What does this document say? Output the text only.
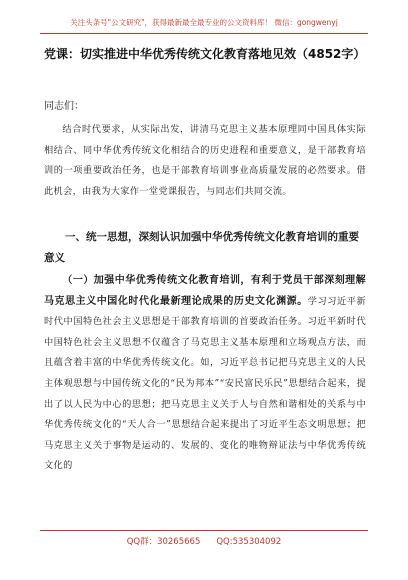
关注头条号"公文研究"，获得最新最全最专业的公文资料库！ 微信：gongwenyj
党课：切实推进中华优秀传统文化教育落地见效（4852字）
同志们：

结合时代要求，从实际出发，讲清马克思主义基本原理同中国具体实际相结合、同中华优秀传统文化相结合的历史进程和重要意义，是干部教育培训的一项重要政治任务，也是干部教育培训事业高质量发展的必然要求。借此机会，由我为大家作一堂党课报告，与同志们共同交流。

一、统一思想，深刻认识加强中华优秀传统文化教育培训的重要意义

（一）加强中华优秀传统文化教育培训，有利于党员干部深刻理解马克思主义中国化时代化最新理论成果的历史文化渊源。学习习近平新时代中国特色社会主义思想是干部教育培训的首要政治任务。习近平新时代中国特色社会主义思想不仅蕴含了马克思主义基本原理和立场观点方法，而且蕴含着丰富的中华优秀传统文化。如，习近平总书记把马克思主义的人民主体观思想与中国传统文化的“民为邦本”“安民富民乐民”思想结合起来，提出了以人民为中心的思想；把马克思主义关于人与自然和谐相处的关系与中华优秀传统文化的“天人合一”思想结合起来提出了习近平生态文明思想；把马克思主义关于事物是运动的、发展的、变化的唯物辩证法与中华优秀传统文化的

QQ群：30265665 QQ:535304092
